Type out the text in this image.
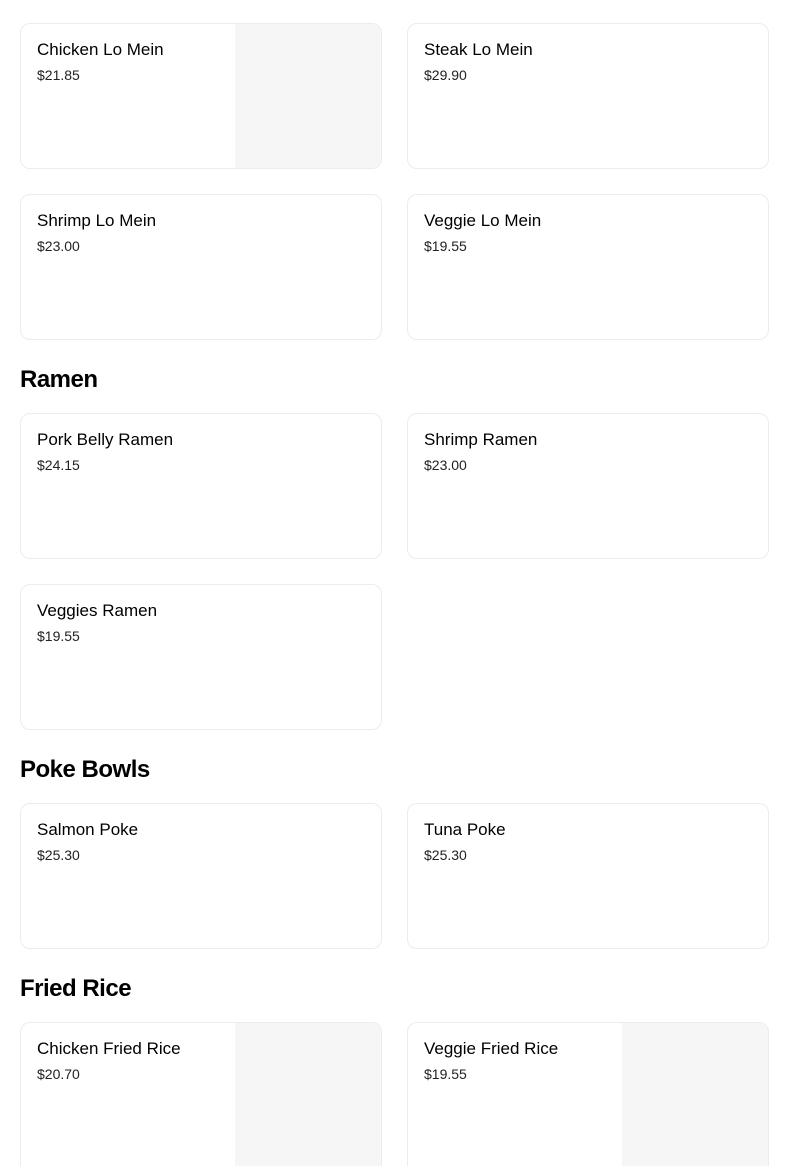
Chicken Lo Mein
$21.85
Steak Lo Mein
$29.90
Shrimp Lo Mein
$23.00
Veggie Lo Mein
$19.55
Ramen
Pork Belly Ramen
$24.15
Shrimp Ramen
$23.00
Veggies Ramen
$19.55
Poke Bowls
Salmon Poke
$25.30
Tuna Poke
$25.30
Fried Rice
Chicken Fried Rice
$20.70
Veggie Fried Rice
$19.55
